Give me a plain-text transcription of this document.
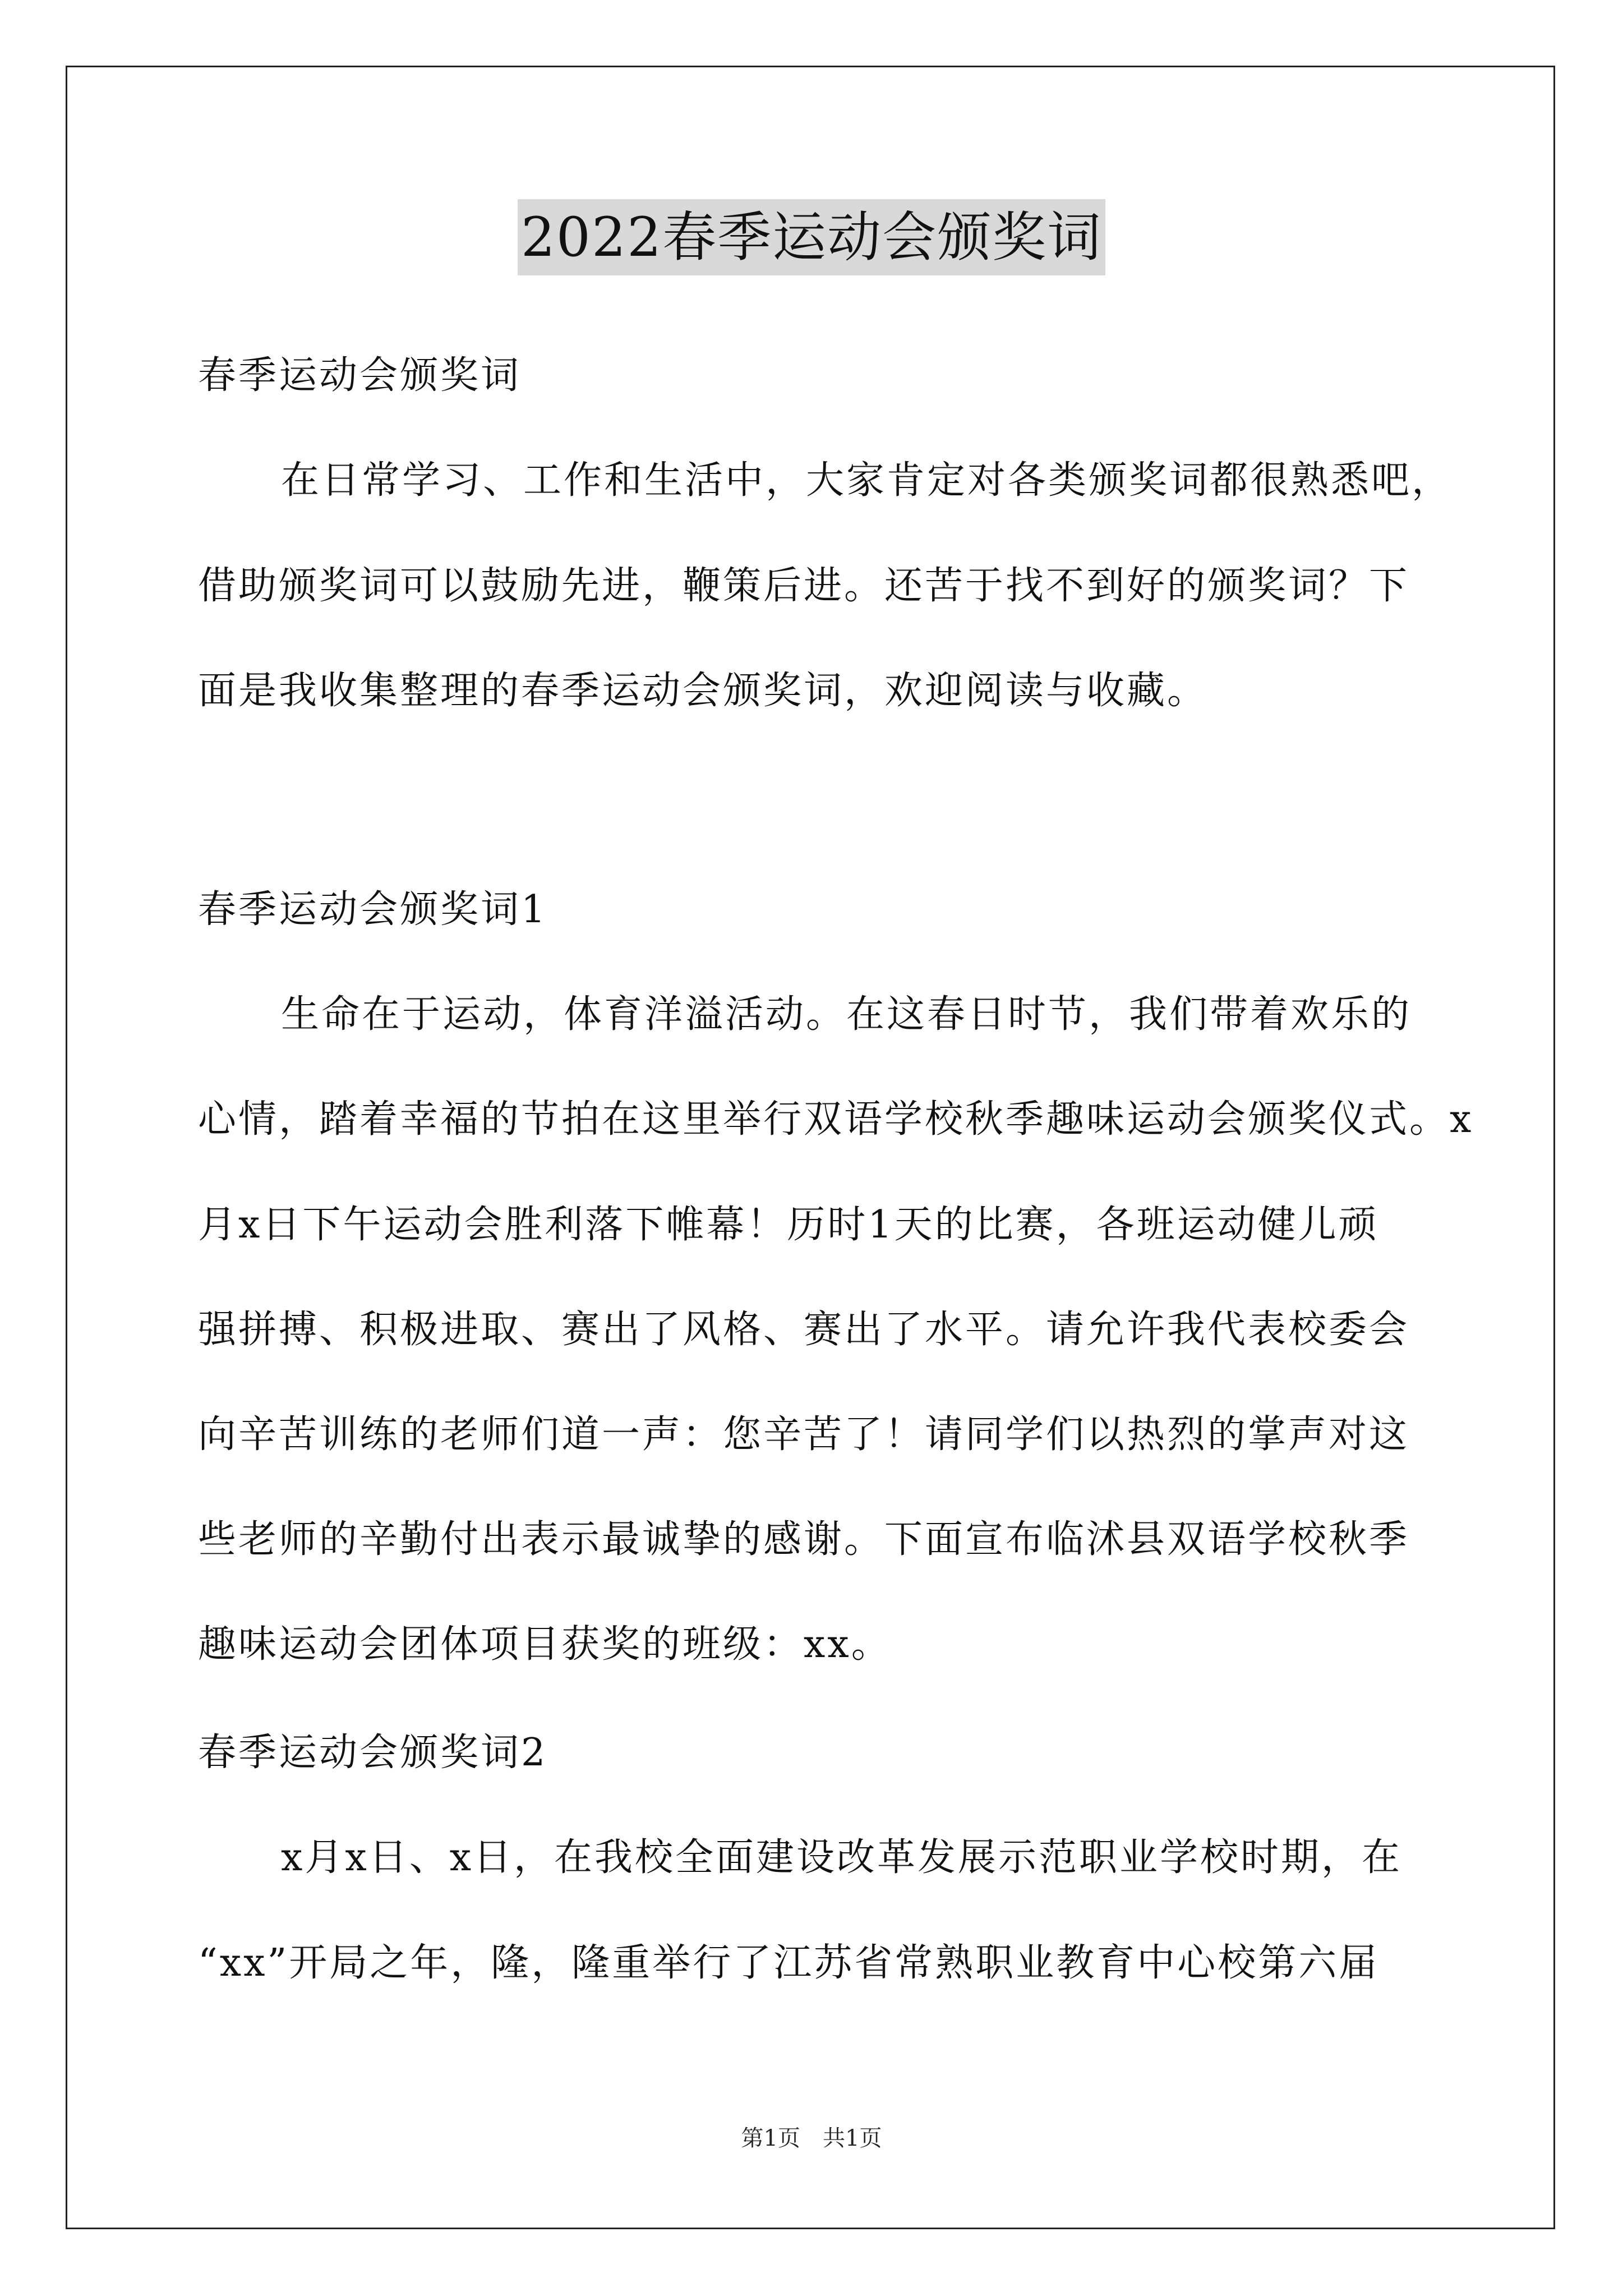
2022春季运动会颁奖词
春季运动会颁奖词
在日常学习、工作和生活中，大家肯定对各类颁奖词都很熟悉吧，
借助颁奖词可以鼓励先进，鞭策后进。还苦于找不到好的颁奖词？下
面是我收集整理的春季运动会颁奖词，欢迎阅读与收藏。
春季运动会颁奖词1
生命在于运动，体育洋溢活动。在这春日时节，我们带着欢乐的
心情，踏着幸福的节拍在这里举行双语学校秋季趣味运动会颁奖仪式。x
月x日下午运动会胜利落下帷幕！历时1天的比赛，各班运动健儿顽
强拼搏、积极进取、赛出了风格、赛出了水平。请允许我代表校委会
向辛苦训练的老师们道一声：您辛苦了！请同学们以热烈的掌声对这
些老师的辛勤付出表示最诚挚的感谢。下面宣布临沭县双语学校秋季
趣味运动会团体项目获奖的班级：xx。
春季运动会颁奖词2
x月x日、x日，在我校全面建设改革发展示范职业学校时期，在
“xx”开局之年，隆，隆重举行了江苏省常熟职业教育中心校第六届
第1页　共1页
